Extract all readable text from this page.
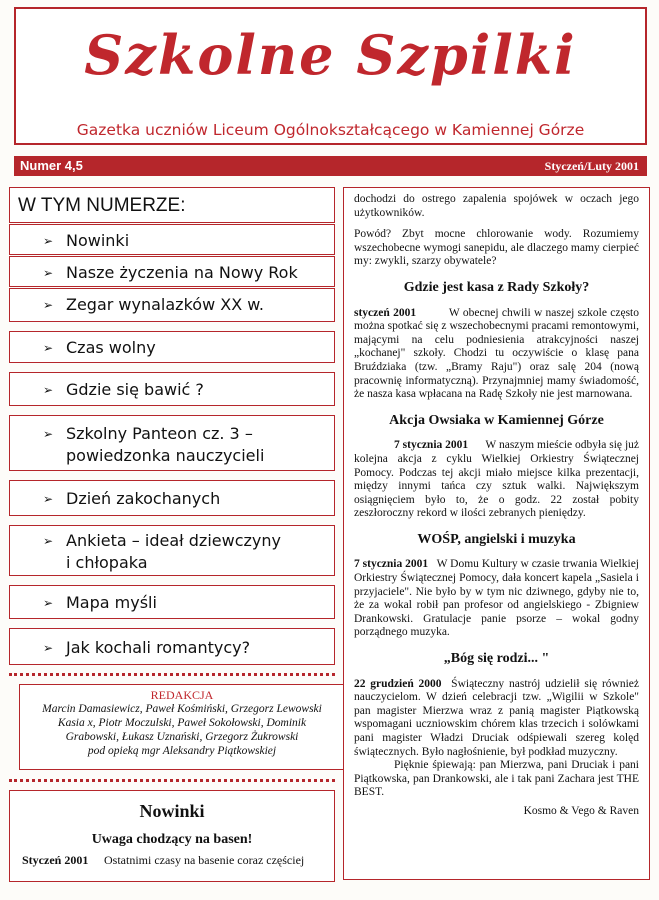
Szkolne Szpilki
Gazetka uczniów Liceum Ogólnokształcącego w Kamiennej Górze
Numer 4,5	Styczeń/Luty 2001
W TYM NUMERZE:
➢ Nowinki
➢ Nasze życzenia na Nowy Rok
➢ Zegar wynalazków XX w.
➢ Czas wolny
➢ Gdzie się bawić ?
➢ Szkolny Panteon cz. 3 –
powiedzonka nauczycieli
➢ Dzień zakochanych
➢ Ankieta – ideał dziewczyny
i chłopaka
➢ Mapa myśli
➢ Jak kochali romantycy?
REDAKCJA
Marcin Damasiewicz, Paweł Kośmiński, Grzegorz Lewowski
Kasia x, Piotr Moczulski, Paweł Sokołowski, Dominik
Grabowski, Łukasz Uznański, Grzegorz Żukrowski
pod opieką mgr Aleksandry Piątkowskiej
Nowinki
Uwaga chodzący na basen!
Styczeń 2001	Ostatnimi czasy na basenie coraz częściej

dochodzi do ostrego zapalenia spojówek w oczach jego użytkowników.

Powód? Zbyt mocne chlorowanie wody. Rozumiemy wszechobecne wymogi sanepidu, ale dlaczego mamy cierpieć my: zwykli, szarzy obywatele?

Gdzie jest kasa z Rady Szkoły?

styczeń 2001	W obecnej chwili w naszej szkole często można spotkać się z wszechobecnymi pracami remontowymi, mającymi na celu podniesienia atrakcyjności naszej „kochanej" szkoły. Chodzi tu oczywiście o klasę pana Bruździaka (tzw. „Bramy Raju") oraz salę 204 (nową pracownię informatyczną). Przynajmniej mamy świadomość, że nasza kasa wpłacana na Radę Szkoły nie jest marnowana.

Akcja Owsiaka w Kamiennej Górze

7 stycznia 2001 W naszym mieście odbyła się już kolejna akcja z cyklu Wielkiej Orkiestry Świątecznej Pomocy. Podczas tej akcji miało miejsce kilka prezentacji, między innymi tańca czy sztuk walki. Największym osiągnięciem było to, że o godz. 22 został pobity zeszłoroczny rekord w ilości zebranych pieniędzy.

WOŚP, angielski i muzyka

7 stycznia 2001 W Domu Kultury w czasie trwania Wielkiej Orkiestry Świątecznej Pomocy, dała koncert kapela „Sasiela i przyjaciele". Nie było by w tym nic dziwnego, gdyby nie to, że za wokal robił pan profesor od angielskiego - Zbigniew Drankowski. Gratulacje panie psorze – wokal godny porządnego muzyka.

„Bóg się rodzi... "

22 grudzień 2000 Świąteczny nastrój udzielił się również nauczycielom. W dzień celebracji tzw. „Wigilii w Szkole" pan magister Mierzwa wraz z panią magister Piątkowską wspomagani uczniowskim chórem klas trzecich i solówkami pani magister Władzi Druciak odśpiewali szereg kolęd świątecznych. Było nagłośnienie, był podkład muzyczny.

Pięknie śpiewają: pan Mierzwa, pani Druciak i pani Piątkowska, pan Drankowski, ale i tak pani Zachara jest THE BEST.

Kosmo & Vego & Raven
